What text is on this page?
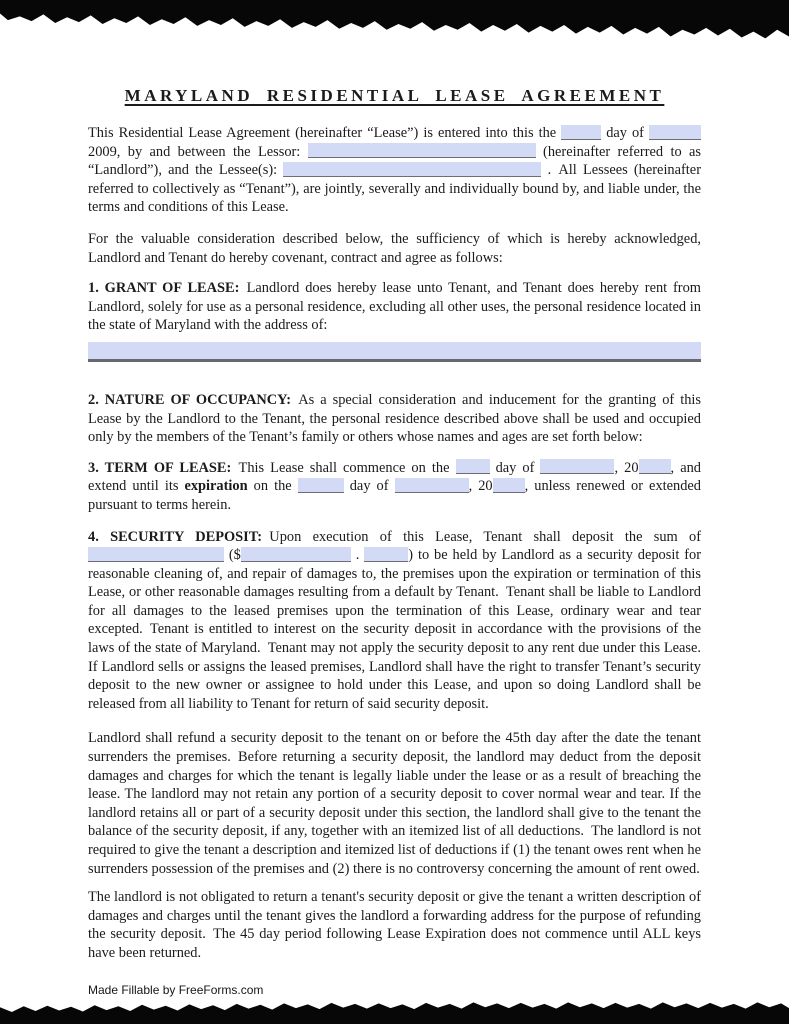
MARYLAND RESIDENTIAL LEASE AGREEMENT

This Residential Lease Agreement (hereinafter “Lease”) is entered into this the	day of  2009, by and between the Lessor:	(hereinafter referred to as “Landlord”), and the Lessee(s):	. All Lessees (hereinafter referred to collectively as “Tenant”), are jointly, severally and individually bound by, and liable under, the terms and conditions of this Lease.

For the valuable consideration described below, the sufficiency of which is hereby acknowledged, Landlord and Tenant do hereby covenant, contract and agree as follows:

1. GRANT OF LEASE: Landlord does hereby lease unto Tenant, and Tenant does hereby rent from Landlord, solely for use as a personal residence, excluding all other uses, the personal residence located in the state of Maryland with the address of:

2. NATURE OF OCCUPANCY: As a special consideration and inducement for the granting of this Lease by the Landlord to the Tenant, the personal residence described above shall be used and occupied only by the members of the Tenant’s family or others whose names and ages are set forth below:

3. TERM OF LEASE: This Lease shall commence on the  day of	, 20 , and extend until its expiration on the	day of	, 20 , unless renewed or extended pursuant to terms herein.

4. SECURITY DEPOSIT: Upon execution of this Lease, Tenant shall deposit the sum of  ($	.	) to be held by Landlord as a security deposit for reasonable cleaning of, and repair of damages to, the premises upon the expiration or termination of this Lease, or other reasonable damages resulting from a default by Tenant. Tenant shall be liable to Landlord for all damages to the leased premises upon the termination of this Lease, ordinary wear and tear excepted. Tenant is entitled to interest on the security deposit in accordance with the provisions of the laws of the state of Maryland. Tenant may not apply the security deposit to any rent due under this Lease. If Landlord sells or assigns the leased premises, Landlord shall have the right to transfer Tenant’s security deposit to the new owner or assignee to hold under this Lease, and upon so doing Landlord shall be released from all liability to Tenant for return of said security deposit.

Landlord shall refund a security deposit to the tenant on or before the 45th day after the date the tenant surrenders the premises. Before returning a security deposit, the landlord may deduct from the deposit damages and charges for which the tenant is legally liable under the lease or as a result of breaching the lease. The landlord may not retain any portion of a security deposit to cover normal wear and tear. If the landlord retains all or part of a security deposit under this section, the landlord shall give to the tenant the balance of the security deposit, if any, together with an itemized list of all deductions. The landlord is not required to give the tenant a description and itemized list of deductions if (1) the tenant owes rent when he surrenders possession of the premises and (2) there is no controversy concerning the amount of rent owed.

The landlord is not obligated to return a tenant's security deposit or give the tenant a written description of damages and charges until the tenant gives the landlord a forwarding address for the purpose of refunding the security deposit. The 45 day period following Lease Expiration does not commence until ALL keys have been returned.

Made Fillable by FreeForms.com
